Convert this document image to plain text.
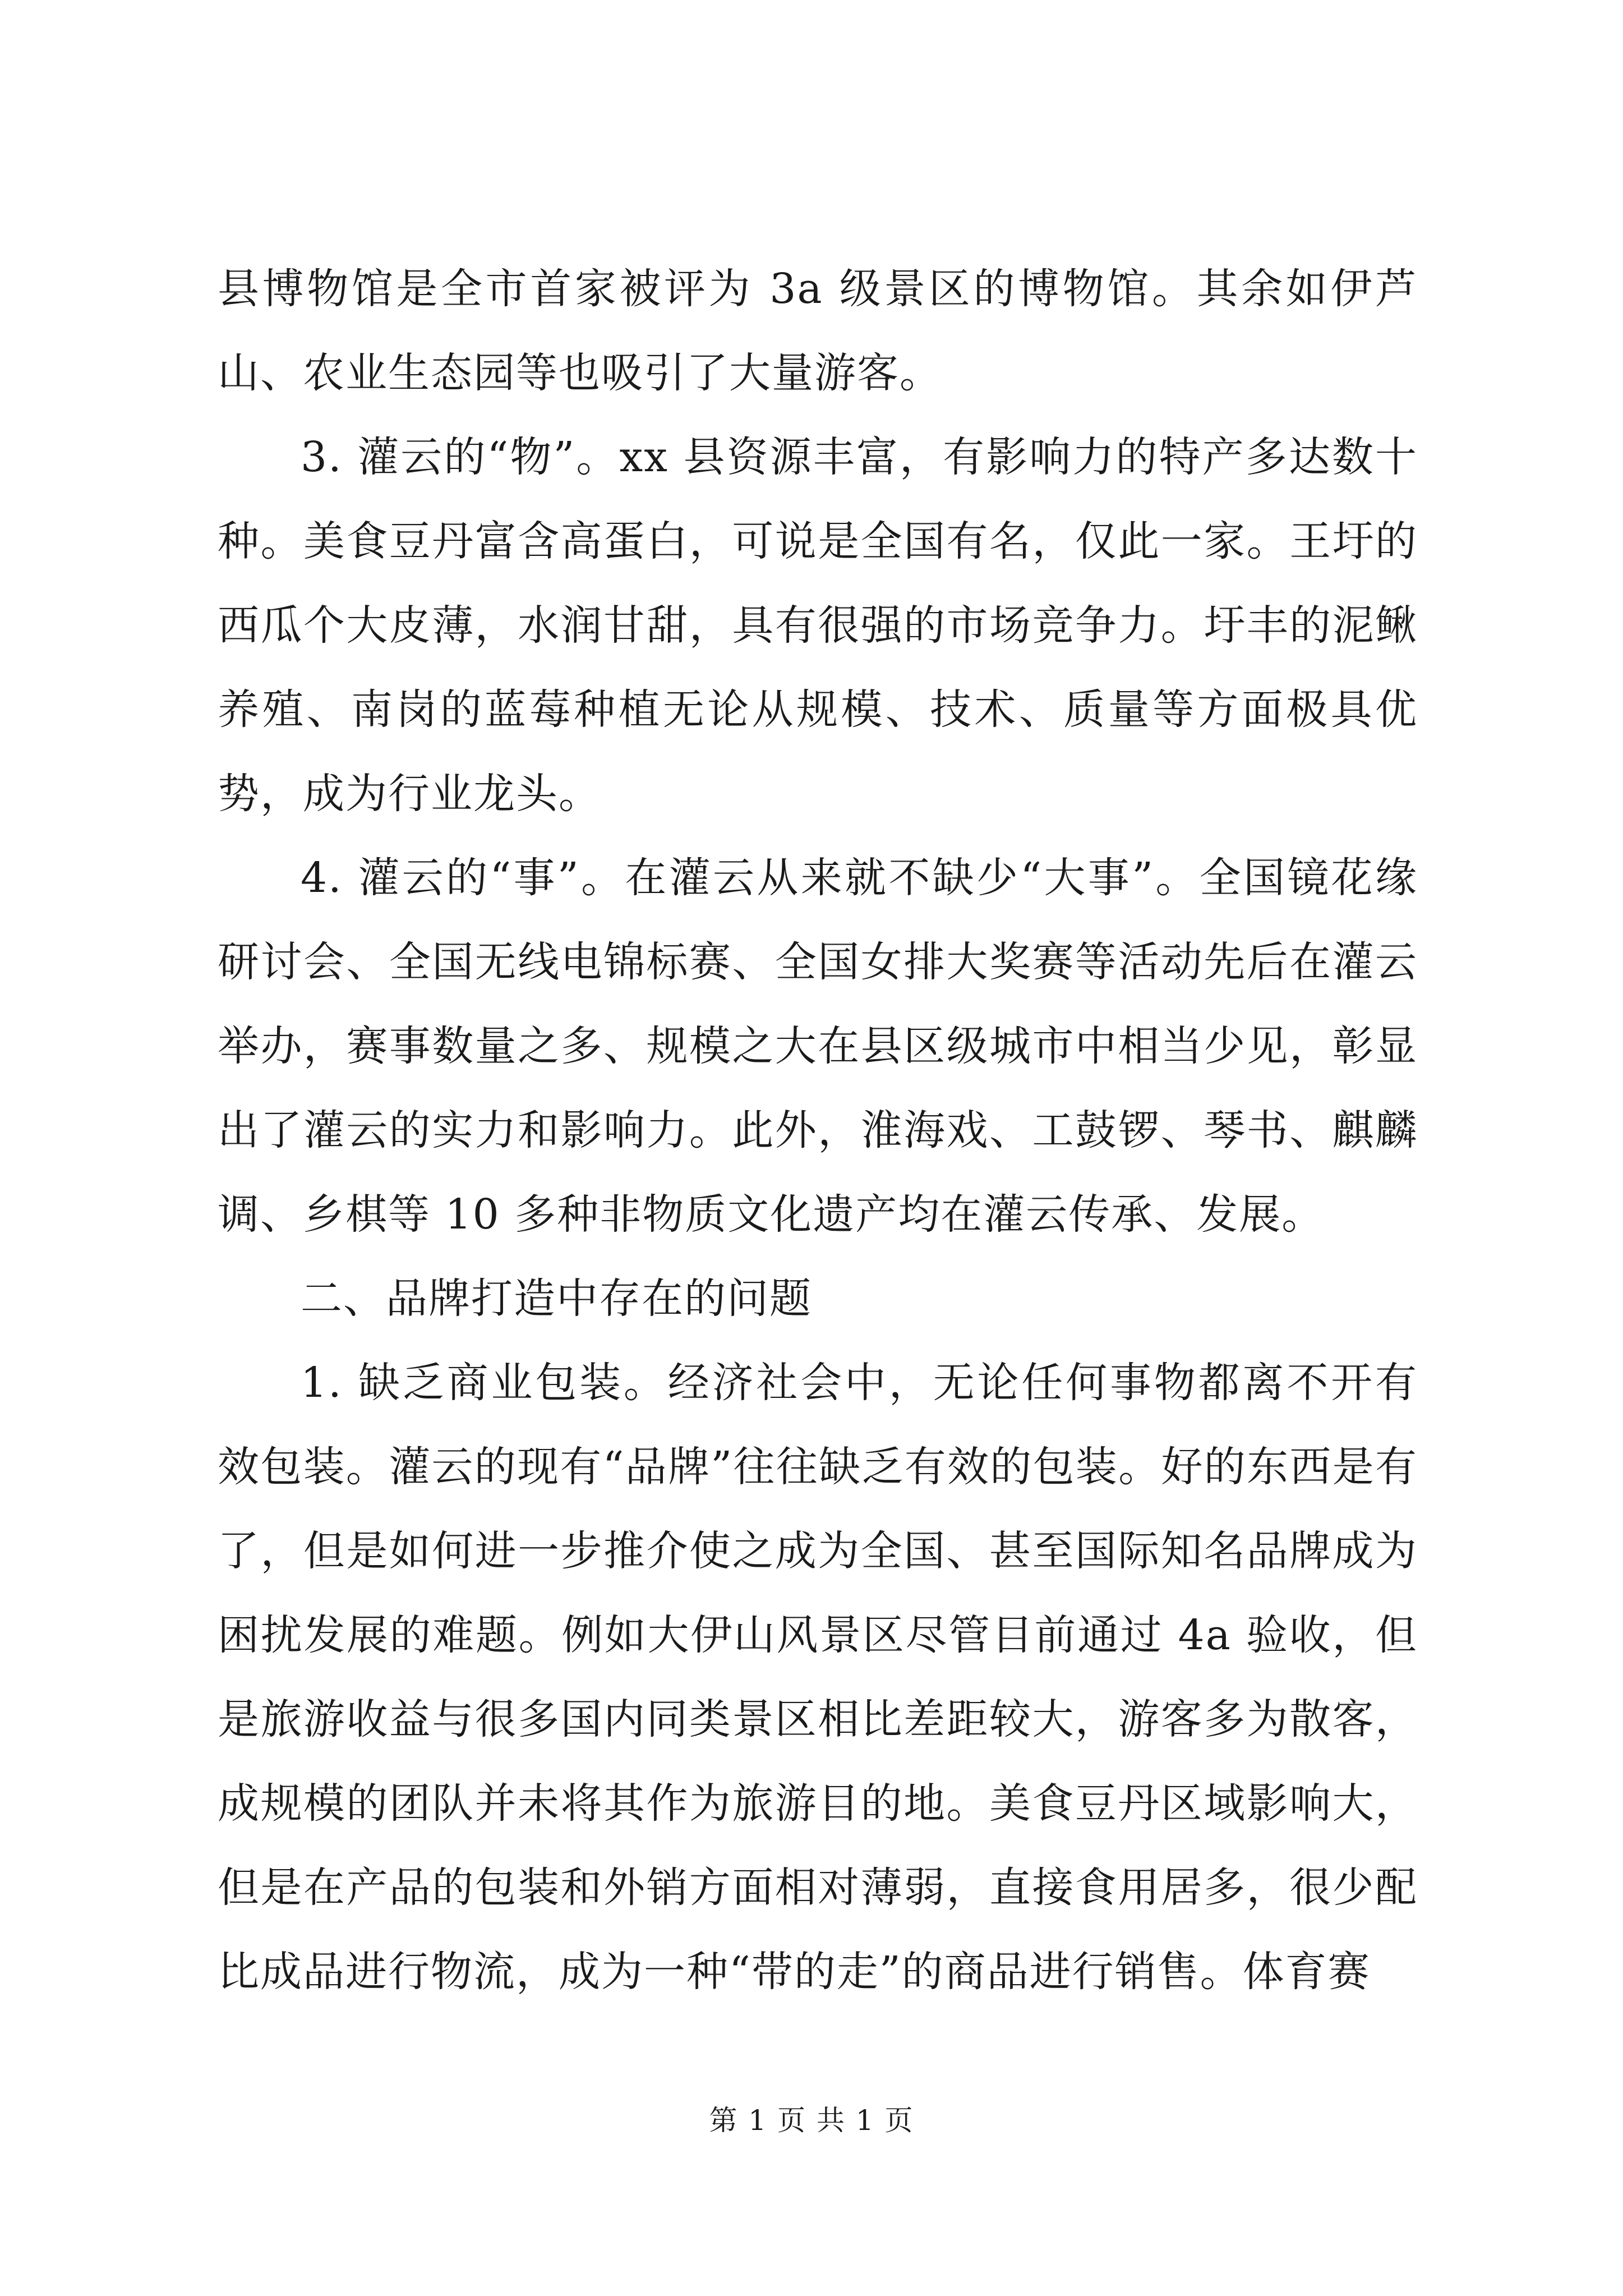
县博物馆是全市首家被评为 3a 级景区的博物馆。其余如伊芦山、农业生态园等也吸引了大量游客。

3. 灌云的“物”。xx 县资源丰富，有影响力的特产多达数十种。美食豆丹富含高蛋白，可说是全国有名，仅此一家。王圩的西瓜个大皮薄，水润甘甜，具有很强的市场竞争力。圩丰的泥鳅养殖、南岗的蓝莓种植无论从规模、技术、质量等方面极具优势，成为行业龙头。

4. 灌云的“事”。在灌云从来就不缺少“大事”。全国镜花缘研讨会、全国无线电锦标赛、全国女排大奖赛等活动先后在灌云举办，赛事数量之多、规模之大在县区级城市中相当少见，彰显出了灌云的实力和影响力。此外，淮海戏、工鼓锣、琴书、麒麟调、乡棋等 10 多种非物质文化遗产均在灌云传承、发展。

二、品牌打造中存在的问题

1. 缺乏商业包装。经济社会中，无论任何事物都离不开有效包装。灌云的现有“品牌”往往缺乏有效的包装。好的东西是有了，但是如何进一步推介使之成为全国、甚至国际知名品牌成为困扰发展的难题。例如大伊山风景区尽管目前通过 4a 验收，但是旅游收益与很多国内同类景区相比差距较大，游客多为散客，成规模的团队并未将其作为旅游目的地。美食豆丹区域影响大，但是在产品的包装和外销方面相对薄弱，直接食用居多，很少配比成品进行物流，成为一种“带的走”的商品进行销售。体育赛

第 1 页 共 1 页
